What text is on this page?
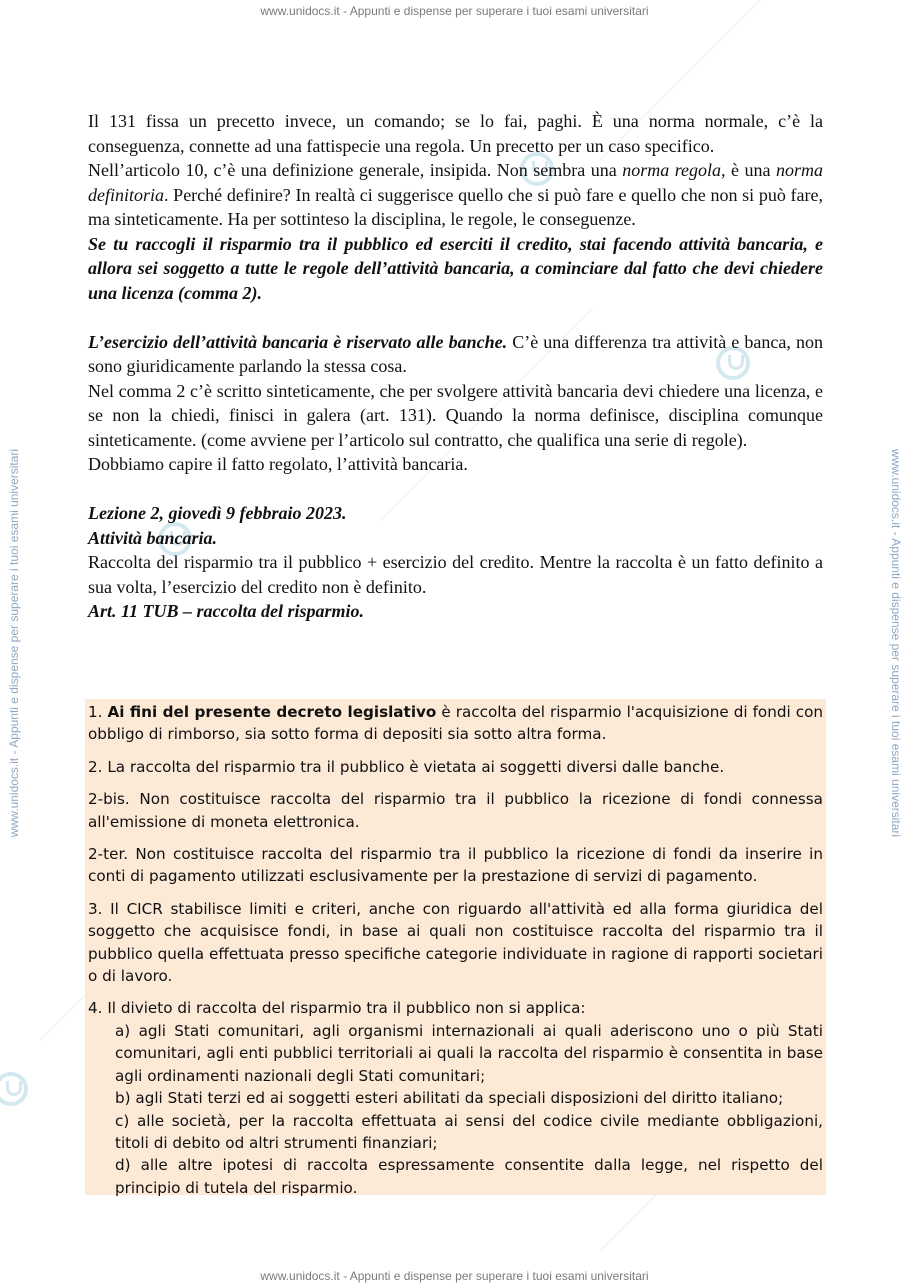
www.unidocs.it - Appunti e dispense per superare i tuoi esami universitari
www.unidocs.it - Appunti e dispense per superare i tuoi esami universitari	www.unidocs.it - Appunti e dispense per superare i tuoi esami universitari

Il 131 fissa un precetto invece, un comando; se lo fai, paghi. È una norma normale, c’è la conseguenza, connette ad una fattispecie una regola. Un precetto per un caso specifico.

Nell’articolo 10, c’è una definizione generale, insipida. Non sembra una norma regola, è una norma definitoria. Perché definire? In realtà ci suggerisce quello che si può fare e quello che non si può fare, ma sinteticamente. Ha per sottinteso la disciplina, le regole, le conseguenze.

Se tu raccogli il risparmio tra il pubblico ed eserciti il credito, stai facendo attività bancaria, e allora sei soggetto a tutte le regole dell’attività bancaria, a cominciare dal fatto che devi chiedere una licenza (comma 2).

L’esercizio dell’attività bancaria è riservato alle banche. C’è una differenza tra attività e banca, non sono giuridicamente parlando la stessa cosa.

Nel comma 2 c’è scritto sinteticamente, che per svolgere attività bancaria devi chiedere una licenza, e se non la chiedi, finisci in galera (art. 131). Quando la norma definisce, disciplina comunque sinteticamente. (come avviene per l’articolo sul contratto, che qualifica una serie di regole).

Dobbiamo capire il fatto regolato, l’attività bancaria.

Lezione 2, giovedì 9 febbraio 2023.

Attività bancaria.

Raccolta del risparmio tra il pubblico + esercizio del credito. Mentre la raccolta è un fatto definito a sua volta, l’esercizio del credito non è definito.

Art. 11 TUB – raccolta del risparmio.

1. Ai fini del presente decreto legislativo è raccolta del risparmio l'acquisizione di fondi con obbligo di rimborso, sia sotto forma di depositi sia sotto altra forma.

2. La raccolta del risparmio tra il pubblico è vietata ai soggetti diversi dalle banche.

2-bis. Non costituisce raccolta del risparmio tra il pubblico la ricezione di fondi connessa all'emissione di moneta elettronica.

2-ter. Non costituisce raccolta del risparmio tra il pubblico la ricezione di fondi da inserire in conti di pagamento utilizzati esclusivamente per la prestazione di servizi di pagamento.

3. Il CICR stabilisce limiti e criteri, anche con riguardo all'attività ed alla forma giuridica del soggetto che acquisisce fondi, in base ai quali non costituisce raccolta del risparmio tra il pubblico quella effettuata presso specifiche categorie individuate in ragione di rapporti societari o di lavoro.

4. Il divieto di raccolta del risparmio tra il pubblico non si applica:

a) agli Stati comunitari, agli organismi internazionali ai quali aderiscono uno o più Stati comunitari, agli enti pubblici territoriali ai quali la raccolta del risparmio è consentita in base agli ordinamenti nazionali degli Stati comunitari;

b) agli Stati terzi ed ai soggetti esteri abilitati da speciali disposizioni del diritto italiano;

c) alle società, per la raccolta effettuata ai sensi del codice civile mediante obbligazioni, titoli di debito od altri strumenti finanziari;

d) alle altre ipotesi di raccolta espressamente consentite dalla legge, nel rispetto del principio di tutela del risparmio.

www.unidocs.it - Appunti e dispense per superare i tuoi esami universitari
